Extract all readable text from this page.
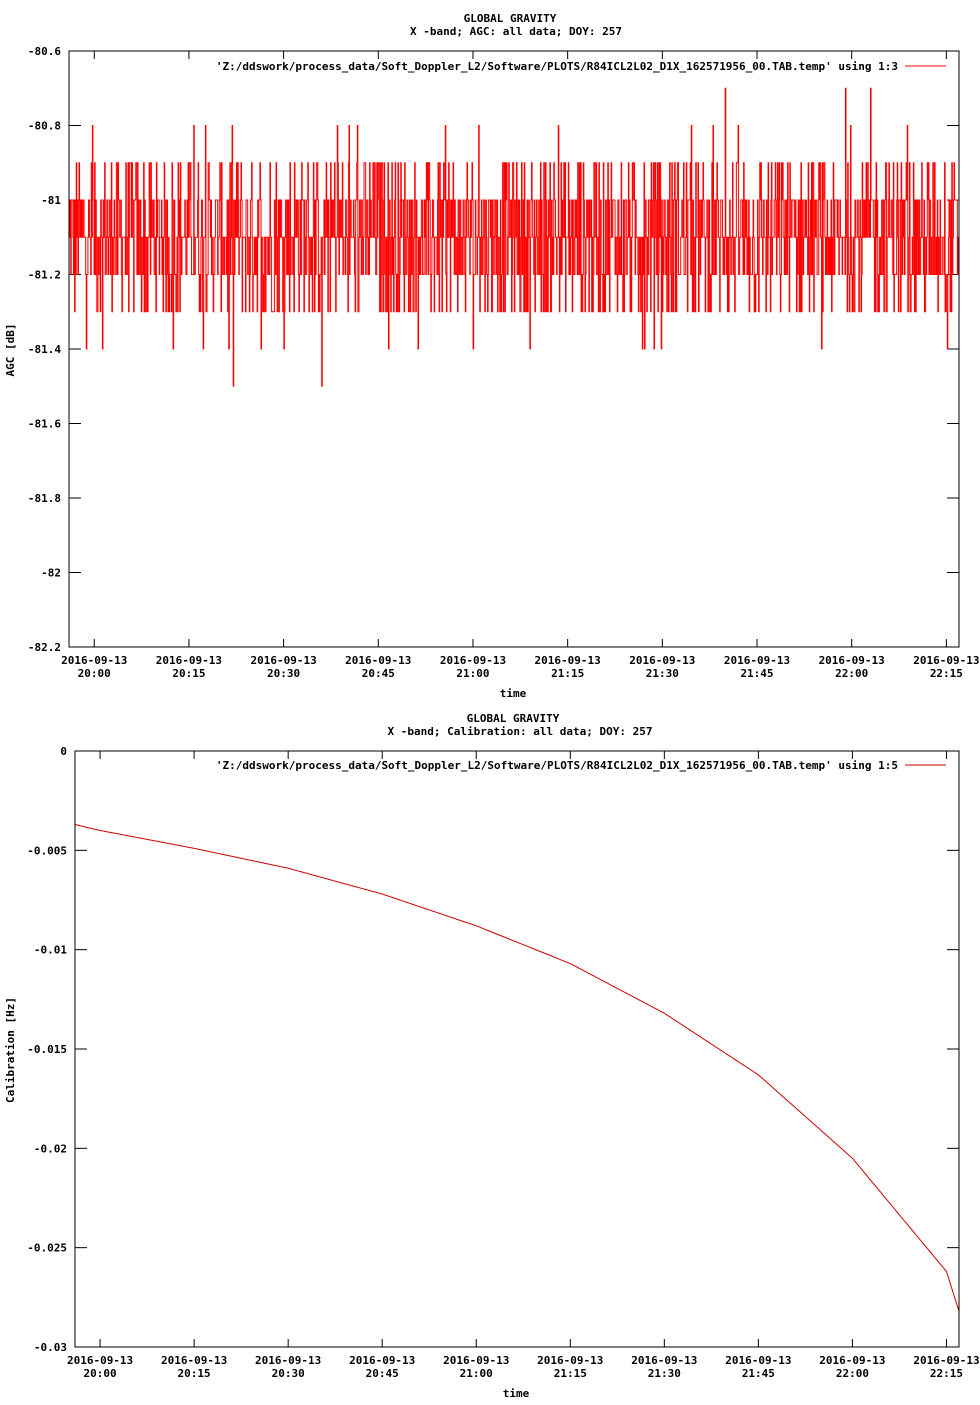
GLOBAL GRAVITY
X -band; AGC: all data; DOY: 257
-80.6
-80.8
-81
-81.2
-81.4
-81.6
-81.8
-82
-82.2
2016-09-13
20:00
2016-09-13
20:15
2016-09-13
20:30
2016-09-13
20:45
2016-09-13
21:00
2016-09-13
21:15
2016-09-13
21:30
2016-09-13
21:45
2016-09-13
22:00
2016-09-13
22:15
AGC [dB]
time
'Z:/ddswork/process_data/Soft_Doppler_L2/Software/PLOTS/R84ICL2L02_D1X_162571956_00.TAB.temp' using 1:3
GLOBAL GRAVITY
X -band; Calibration: all data; DOY: 257
0
-0.005
-0.01
-0.015
-0.02
-0.025
-0.03
2016-09-13
20:00
2016-09-13
20:15
2016-09-13
20:30
2016-09-13
20:45
2016-09-13
21:00
2016-09-13
21:15
2016-09-13
21:30
2016-09-13
21:45
2016-09-13
22:00
2016-09-13
22:15
Calibration [Hz]
time
'Z:/ddswork/process_data/Soft_Doppler_L2/Software/PLOTS/R84ICL2L02_D1X_162571956_00.TAB.temp' using 1:5
